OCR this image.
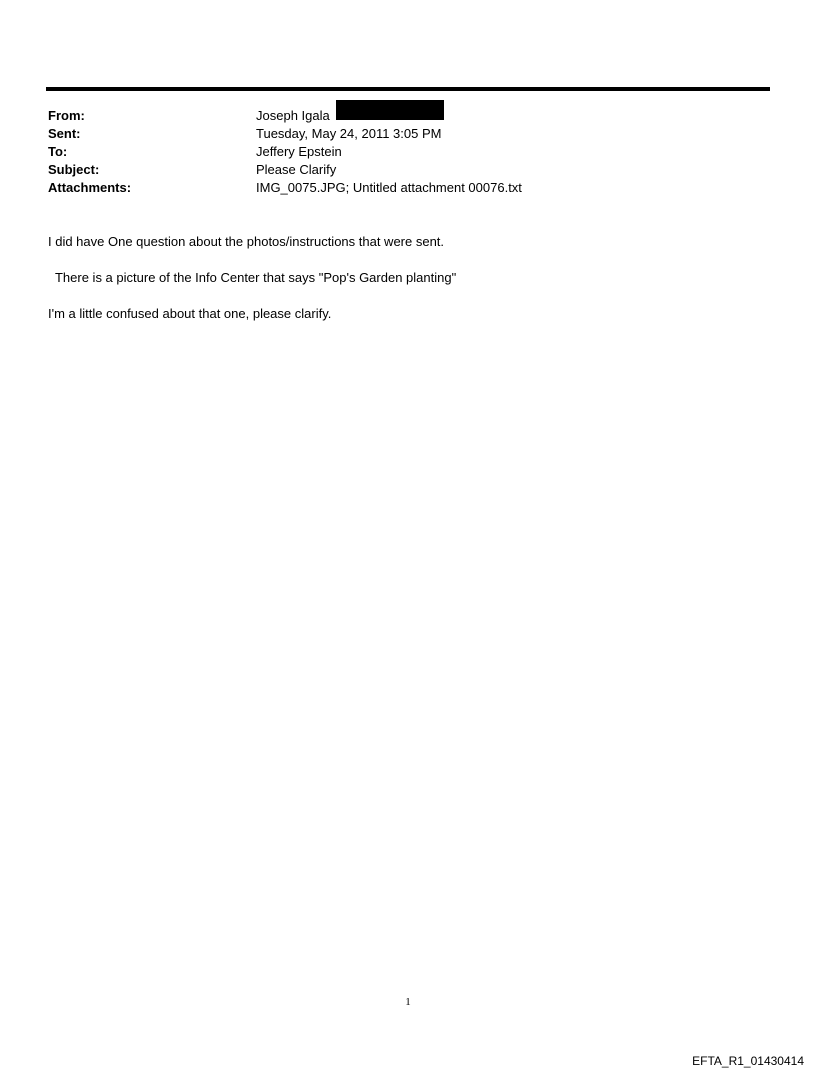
From:	Joseph Igala
Sent:	Tuesday, May 24, 2011 3:05 PM
To:	Jeffery Epstein
Subject:	Please Clarify
Attachments:	IMG_0075.JPG; Untitled attachment 00076.txt
I did have One question about the photos/instructions that were sent.
There is a picture of the Info Center that says "Pop's Garden planting"
I'm a little confused about that one, please clarify.
1
EFTA_R1_01430414
